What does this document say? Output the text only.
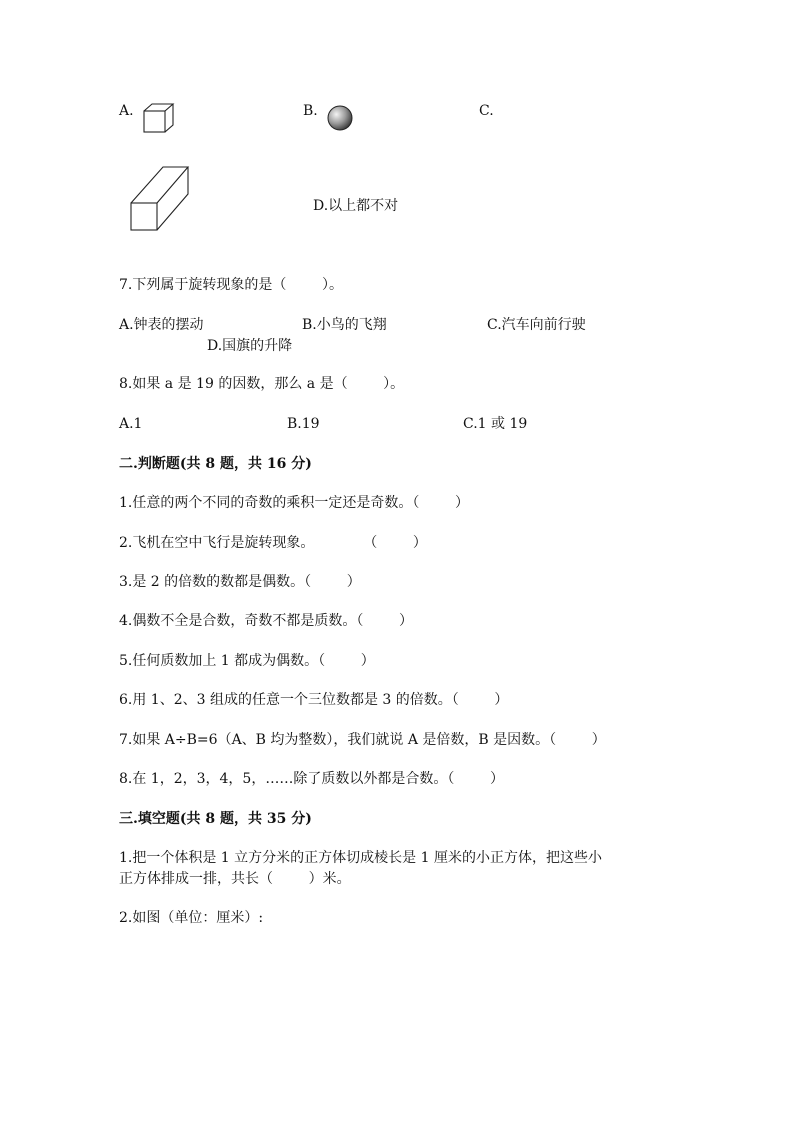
A.	B.	C.
D.以上都不对
7.下列属于旋转现象的是（        ）。
A.钟表的摆动	B.小鸟的飞翔	C.汽车向前行驶
D.国旗的升降
8.如果 a 是 19 的因数，那么 a 是（        ）。
A.1	B.19	C.1 或 19
二.判断题(共 8 题，共 16 分)
1.任意的两个不同的奇数的乘积一定还是奇数。（        ）
2.飞机在空中飞行是旋转现象。           （        ）
3.是 2 的倍数的数都是偶数。（        ）
4.偶数不全是合数，奇数不都是质数。（        ）
5.任何质数加上 1 都成为偶数。（        ）
6.用 1、2、3 组成的任意一个三位数都是 3 的倍数。（        ）
7.如果 A÷B=6（A、B 均为整数），我们就说 A 是倍数，B 是因数。（        ）
8.在 1，2，3，4，5，……除了质数以外都是合数。（        ）
三.填空题(共 8 题，共 35 分)
1.把一个体积是 1 立方分米的正方体切成棱长是 1 厘米的小正方体，把这些小
正方体排成一排，共长（        ）米。
2.如图（单位：厘米）:
